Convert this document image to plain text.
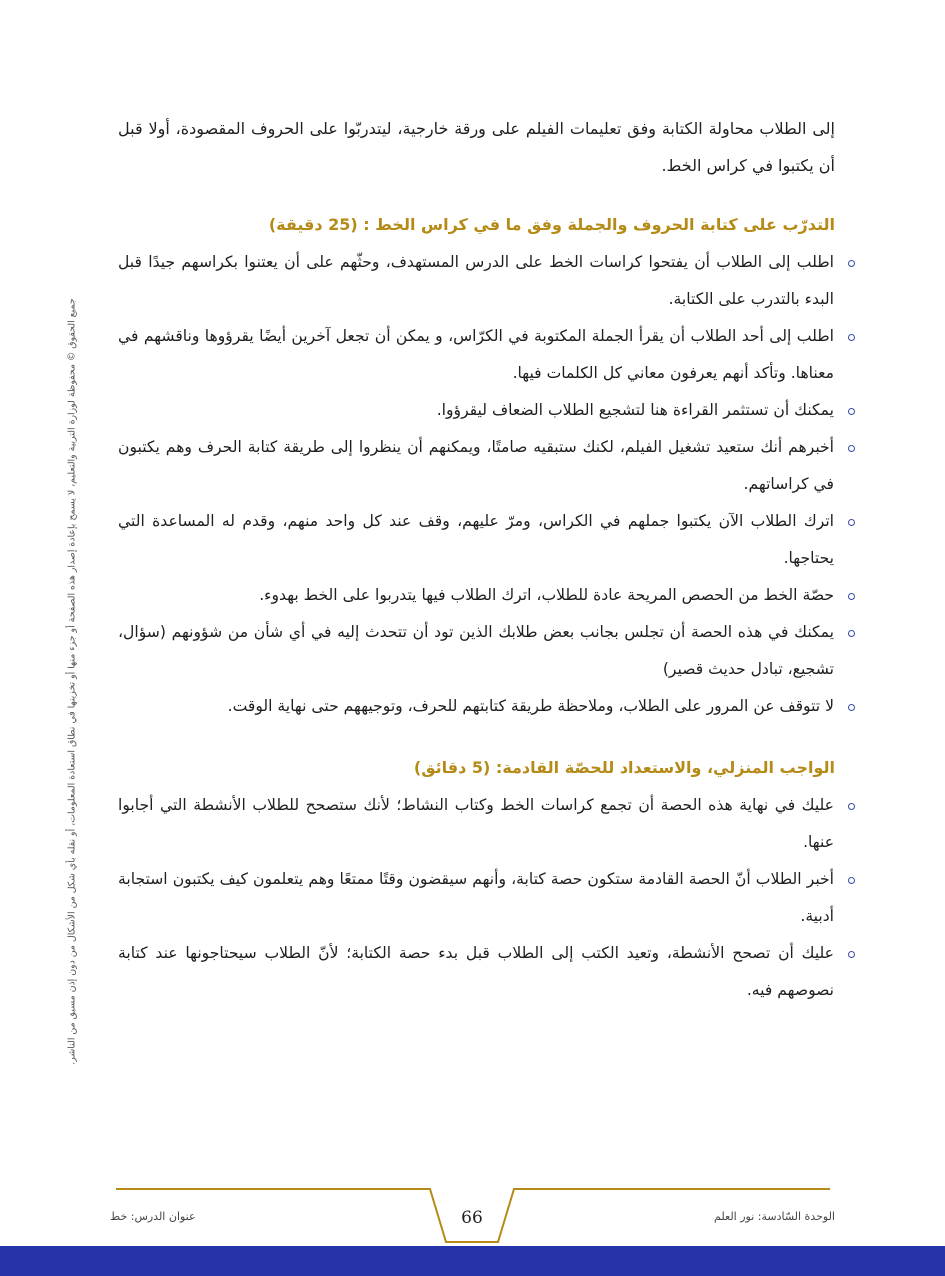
جميع الحقوق © محفوظة لوزارة التربية والتعليم، لا يسمح بإعادة إصدار هذه الصفحة أو جزء منها أو تخزينها في نطاق استعادة المعلومات، أو نقله بأي شكل من الأشكال من دون إذن مسبق من الناشر.

إلى الطلاب محاولة الكتابة وفق تعليمات الفيلم على ورقة خارجية، ليتدربّوا على الحروف المقصودة، أولا قبل أن يكتبوا في كراس الخط.

التدرّب على كتابة الحروف والجملة وفق ما في كراس الخط : (25 دقيقة)
اطلب إلى الطلاب أن يفتحوا كراسات الخط على الدرس المستهدف، وحثّهم على أن يعتنوا بكراسهم جيدًا قبل البدء بالتدرب على الكتابة.
اطلب إلى أحد الطلاب أن يقرأ الجملة المكتوبة في الكرّاس، و يمكن أن تجعل آخرين أيضًا يقرؤوها وناقشهم في معناها. وتأكد أنهم يعرفون معاني كل الكلمات فيها.
يمكنك أن تستثمر القراءة هنا لتشجيع الطلاب الضعاف ليقرؤوا.
أخبرهم أنك ستعيد تشغيل الفيلم، لكنك ستبقيه صامتًا، ويمكنهم أن ينظروا إلى طريقة كتابة الحرف وهم يكتبون في كراساتهم.
اترك الطلاب الآن يكتبوا جملهم في الكراس، ومرّ عليهم، وقف عند كل واحد منهم، وقدم له المساعدة التي يحتاجها.
حصّة الخط من الحصص المريحة عادة للطلاب، اترك الطلاب فيها يتدربوا على الخط بهدوء.
يمكنك في هذه الحصة أن تجلس بجانب بعض طلابك الذين تود أن تتحدث إليه في أي شأن من شؤونهم (سؤال، تشجيع، تبادل حديث قصير)
لا تتوقف عن المرور على الطلاب، وملاحظة طريقة كتابتهم للحرف، وتوجيههم حتى نهاية الوقت.
الواجب المنزلي، والاستعداد للحصّة القادمة: (5 دقائق)
عليك في نهاية هذه الحصة أن تجمع كراسات الخط وكتاب النشاط؛ لأنك ستصحح للطلاب الأنشطة التي أجابوا عنها.
أخبر الطلاب أنّ الحصة القادمة ستكون حصة كتابة، وأنهم سيقضون وقتًا ممتعًا وهم يتعلمون كيف يكتبون استجابة أدبية.
عليك أن تصحح الأنشطة، وتعيد الكتب إلى الطلاب قبل بدء حصة الكتابة؛ لأنّ الطلاب سيحتاجونها عند كتابة نصوصهم فيه.
الوحدة السّادسة: نور العلم
عنوان الدرس: خط	66
